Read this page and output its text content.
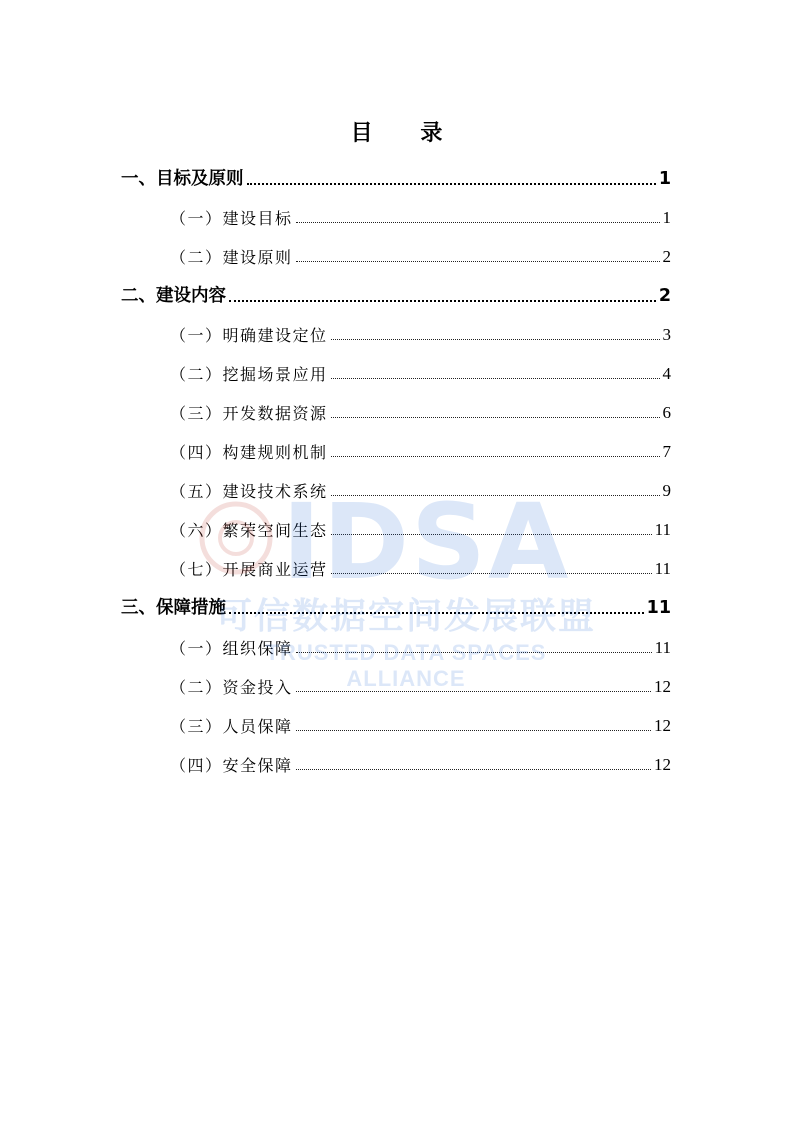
目 录
一、目标及原则	1
（一）建设目标	1
（二）建设原则	2
二、建设内容	2
（一）明确建设定位	3
（二）挖掘场景应用	4
（三）开发数据资源	6
（四）构建规则机制	7
（五）建设技术系统	9
（六）繁荣空间生态	11
（七）开展商业运营	11
三、保障措施	11
（一）组织保障	11
（二）资金投入	12
（三）人员保障	12
（四）安全保障	12
IDSA
可信数据空间发展联盟
TRUSTED DATA SPACES ALLIANCE
